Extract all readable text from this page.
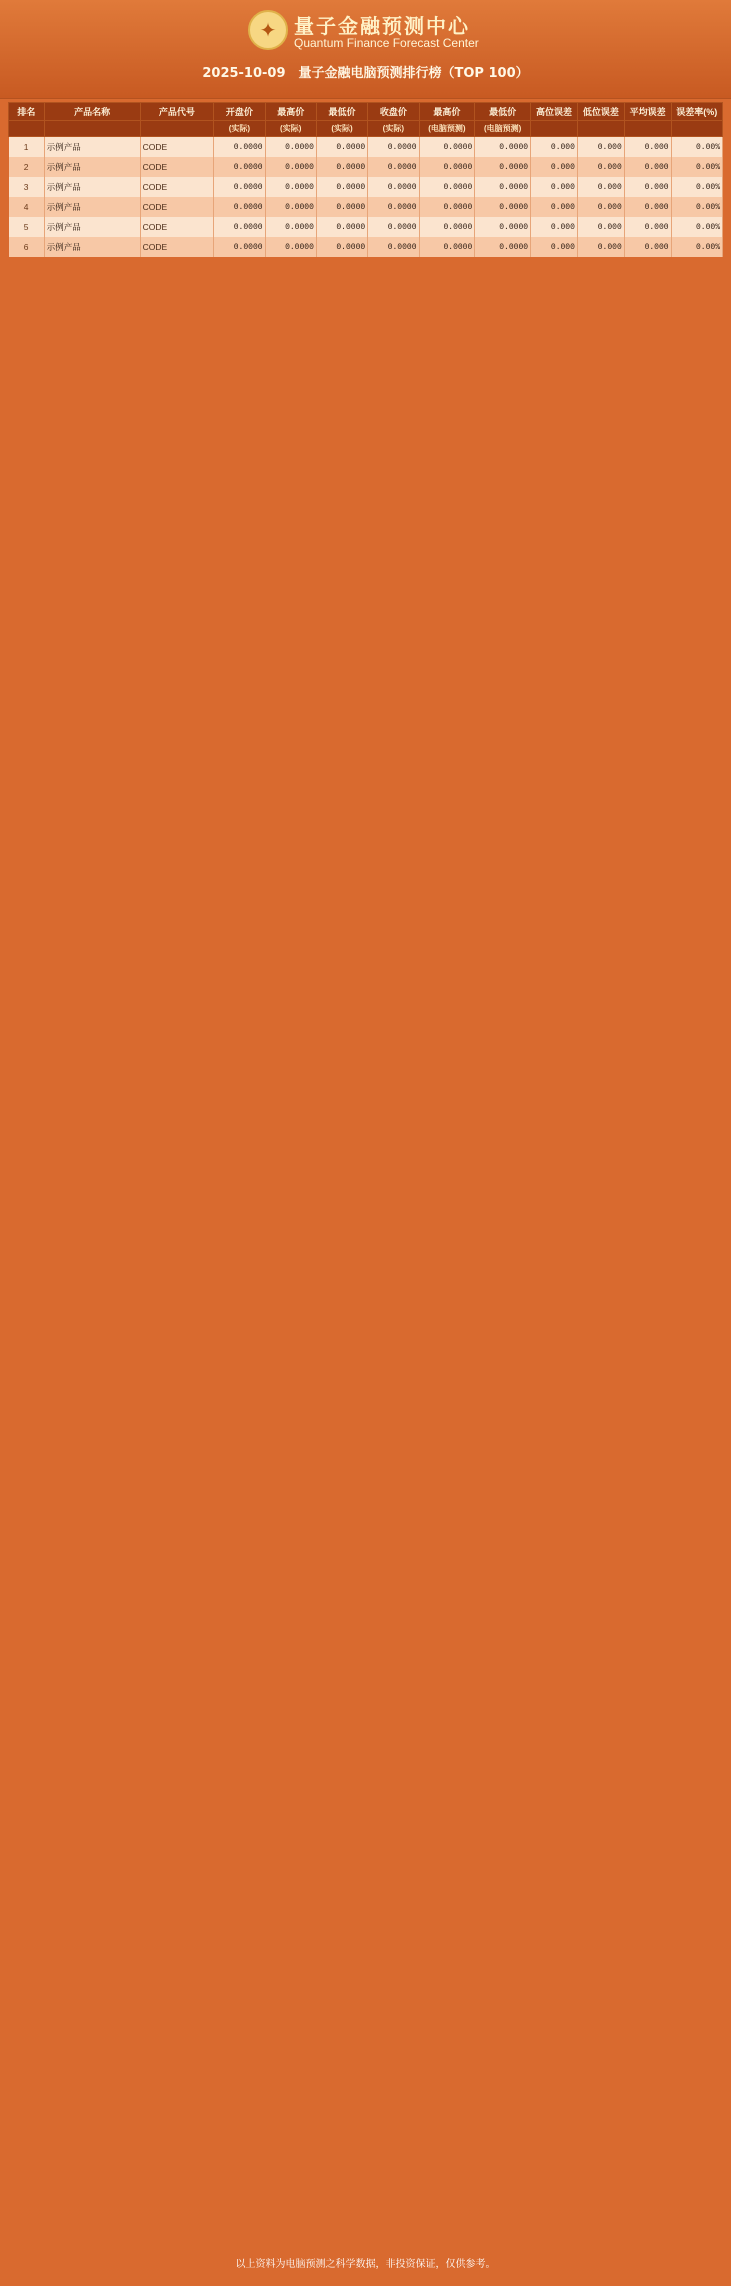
✦ 量子金融预测中心
Quantum Finance Forecast Center
2025-10-09　量子金融电脑预测排行榜（TOP 100）
排名	产品名称	产品代号	开盘价	最高价	最低价	收盘价	最高价	最低价	高位误差	低位误差	平均误差	误差率(%)
			(实际)	(实际)	(实际)	(实际)	(电脑预测)	(电脑预测)				
1	示例产品	CODE	0.0000	0.0000	0.0000	0.0000	0.0000	0.0000	0.000	0.000	0.000	0.00%
2	示例产品	CODE	0.0000	0.0000	0.0000	0.0000	0.0000	0.0000	0.000	0.000	0.000	0.00%
3	示例产品	CODE	0.0000	0.0000	0.0000	0.0000	0.0000	0.0000	0.000	0.000	0.000	0.00%
4	示例产品	CODE	0.0000	0.0000	0.0000	0.0000	0.0000	0.0000	0.000	0.000	0.000	0.00%
5	示例产品	CODE	0.0000	0.0000	0.0000	0.0000	0.0000	0.0000	0.000	0.000	0.000	0.00%
6	示例产品	CODE	0.0000	0.0000	0.0000	0.0000	0.0000	0.0000	0.000	0.000	0.000	0.00%
以上资料为电脑预测之科学数据，非投资保证，仅供参考。
